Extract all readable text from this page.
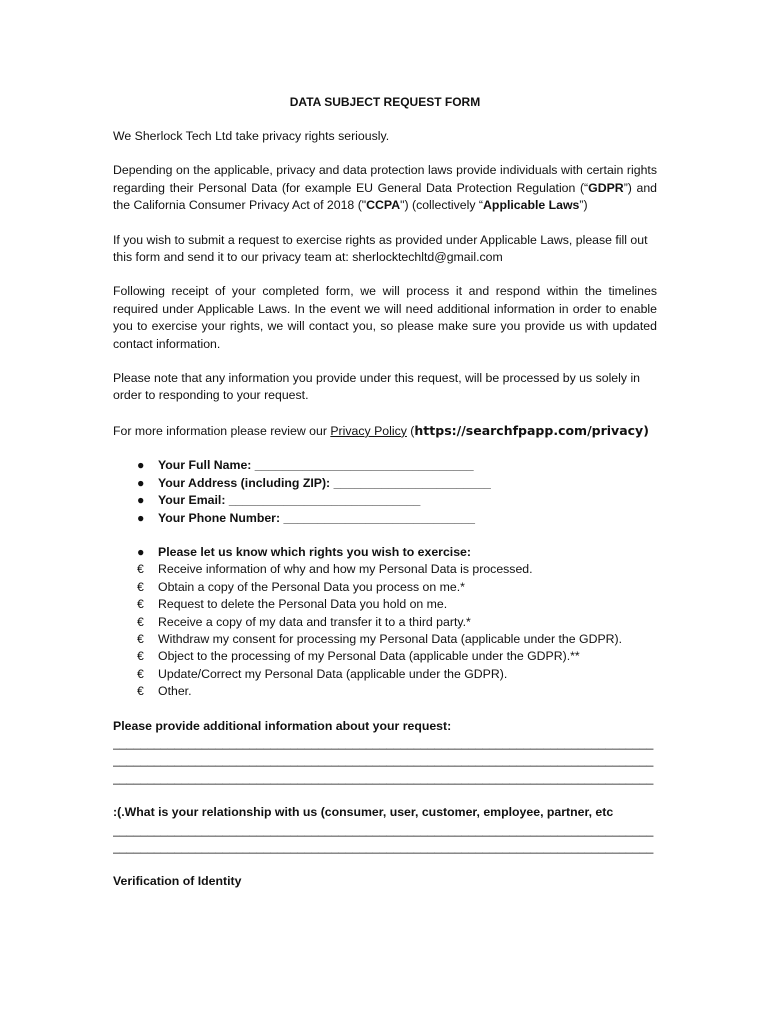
DATA SUBJECT REQUEST FORM

We Sherlock Tech Ltd take privacy rights seriously.

Depending on the applicable, privacy and data protection laws provide individuals with certain rights regarding their Personal Data (for example EU General Data Protection Regulation (“GDPR”) and the California Consumer Privacy Act of 2018 ("CCPA") (collectively “Applicable Laws”)

If you wish to submit a request to exercise rights as provided under Applicable Laws, please fill out this form and send it to our privacy team at: sherlocktechltd@gmail.com

Following receipt of your completed form, we will process it and respond within the timelines required under Applicable Laws. In the event we will need additional information in order to enable you to exercise your rights, we will contact you, so please make sure you provide us with updated contact information.

Please note that any information you provide under this request, will be processed by us solely in order to responding to your request.

For more information please review our Privacy Policy (https://searchfpapp.com/privacy)

●	Your Full Name: ________________________________
●	Your Address (including ZIP): _______________________
●	Your Email: ____________________________
●	Your Phone Number: ____________________________
●	Please let us know which rights you wish to exercise:
€	Receive information of why and how my Personal Data is processed.
€	Obtain a copy of the Personal Data you process on me.*
€	Request to delete the Personal Data you hold on me.
€	Receive a copy of my data and transfer it to a third party.*
€	Withdraw my consent for processing my Personal Data (applicable under the GDPR).
€	Object to the processing of my Personal Data (applicable under the GDPR).**
€	Update/Correct my Personal Data (applicable under the GDPR).
€	Other.

Please provide additional information about your request:

_______________________________________________________________________________
_______________________________________________________________________________
_______________________________________________________________________________

:(.What is your relationship with us (consumer, user, customer, employee, partner, etc

_______________________________________________________________________________
_______________________________________________________________________________

Verification of Identity
